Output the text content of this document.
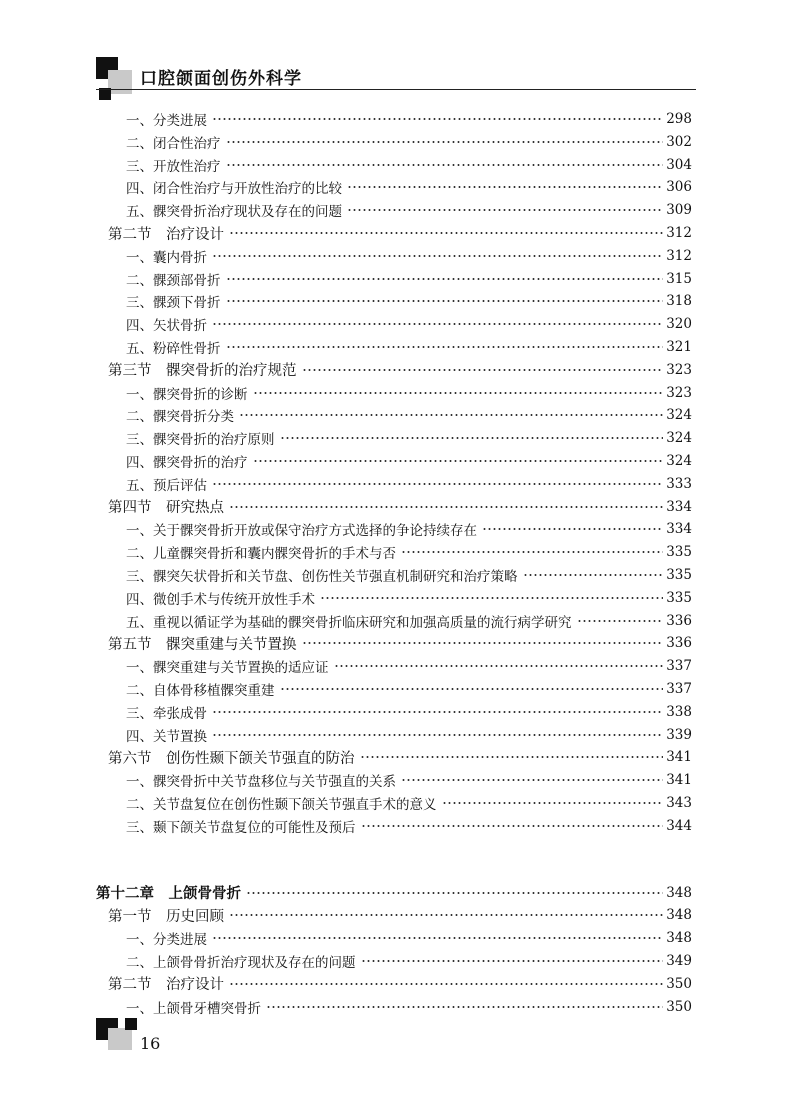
口腔颌面创伤外科学
一、分类进展	298
二、闭合性治疗	302
三、开放性治疗	304
四、闭合性治疗与开放性治疗的比较	306
五、髁突骨折治疗现状及存在的问题	309
第二节　治疗设计	312
一、囊内骨折	312
二、髁颈部骨折	315
三、髁颈下骨折	318
四、矢状骨折	320
五、粉碎性骨折	321
第三节　髁突骨折的治疗规范	323
一、髁突骨折的诊断	323
二、髁突骨折分类	324
三、髁突骨折的治疗原则	324
四、髁突骨折的治疗	324
五、预后评估	333
第四节　研究热点	334
一、关于髁突骨折开放或保守治疗方式选择的争论持续存在	334
二、儿童髁突骨折和囊内髁突骨折的手术与否	335
三、髁突矢状骨折和关节盘、创伤性关节强直机制研究和治疗策略	335
四、微创手术与传统开放性手术	335
五、重视以循证学为基础的髁突骨折临床研究和加强高质量的流行病学研究	336
第五节　髁突重建与关节置换	336
一、髁突重建与关节置换的适应证	337
二、自体骨移植髁突重建	337
三、牵张成骨	338
四、关节置换	339
第六节　创伤性颞下颌关节强直的防治	341
一、髁突骨折中关节盘移位与关节强直的关系	341
二、关节盘复位在创伤性颞下颌关节强直手术的意义	343
三、颞下颌关节盘复位的可能性及预后	344
第十二章　上颌骨骨折	348
第一节　历史回顾	348
一、分类进展	348
二、上颌骨骨折治疗现状及存在的问题	349
第二节　治疗设计	350
一、上颌骨牙槽突骨折	350
16
